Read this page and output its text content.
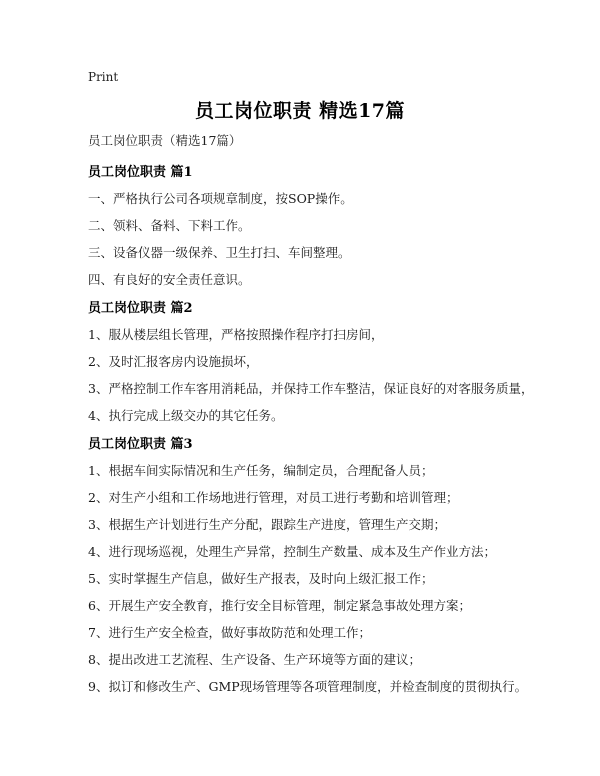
Print
员工岗位职责 精选17篇
员工岗位职责（精选17篇）
员工岗位职责 篇1
一、严格执行公司各项规章制度，按SOP操作。
二、领料、备料、下料工作。
三、设备仪器一级保养、卫生打扫、车间整理。
四、有良好的安全责任意识。
员工岗位职责 篇2
1、服从楼层组长管理，严格按照操作程序打扫房间，
2、及时汇报客房内设施损坏，
3、严格控制工作车客用消耗品，并保持工作车整洁，保证良好的对客服务质量，
4、执行完成上级交办的其它任务。
员工岗位职责 篇3
1、根据车间实际情况和生产任务，编制定员，合理配备人员；
2、对生产小组和工作场地进行管理，对员工进行考勤和培训管理；
3、根据生产计划进行生产分配，跟踪生产进度，管理生产交期；
4、进行现场巡视，处理生产异常，控制生产数量、成本及生产作业方法；
5、实时掌握生产信息，做好生产报表，及时向上级汇报工作；
6、开展生产安全教育，推行安全目标管理，制定紧急事故处理方案；
7、进行生产安全检查，做好事故防范和处理工作；
8、提出改进工艺流程、生产设备、生产环境等方面的建议；
9、拟订和修改生产、GMP现场管理等各项管理制度，并检查制度的贯彻执行。
